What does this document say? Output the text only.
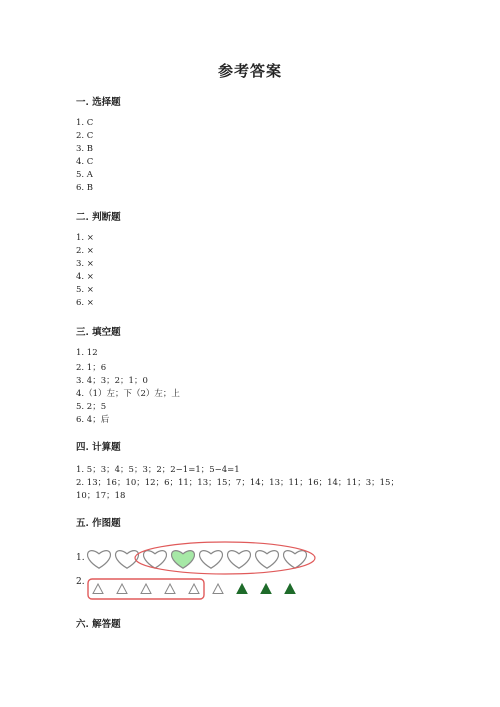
参考答案
一. 选择题
1. C
2. C
3. B
4. C
5. A
6. B
二. 判断题
1. ×
2. ×
3. ×
4. ×
5. ×
6. ×
三. 填空题
1. 12
2. 1；6
3. 4；3；2；1；0
4.（1）左；下（2）左；上
5. 2；5
6. 4；后
四. 计算题
1. 5；3；4；5；3；2；2−1=1；5−4=1
2. 13；16；10；12；6；11；13；15；7；14；13；11；16；14；11；3；15；
10；17；18
五. 作图题
1.
2.
六. 解答题
